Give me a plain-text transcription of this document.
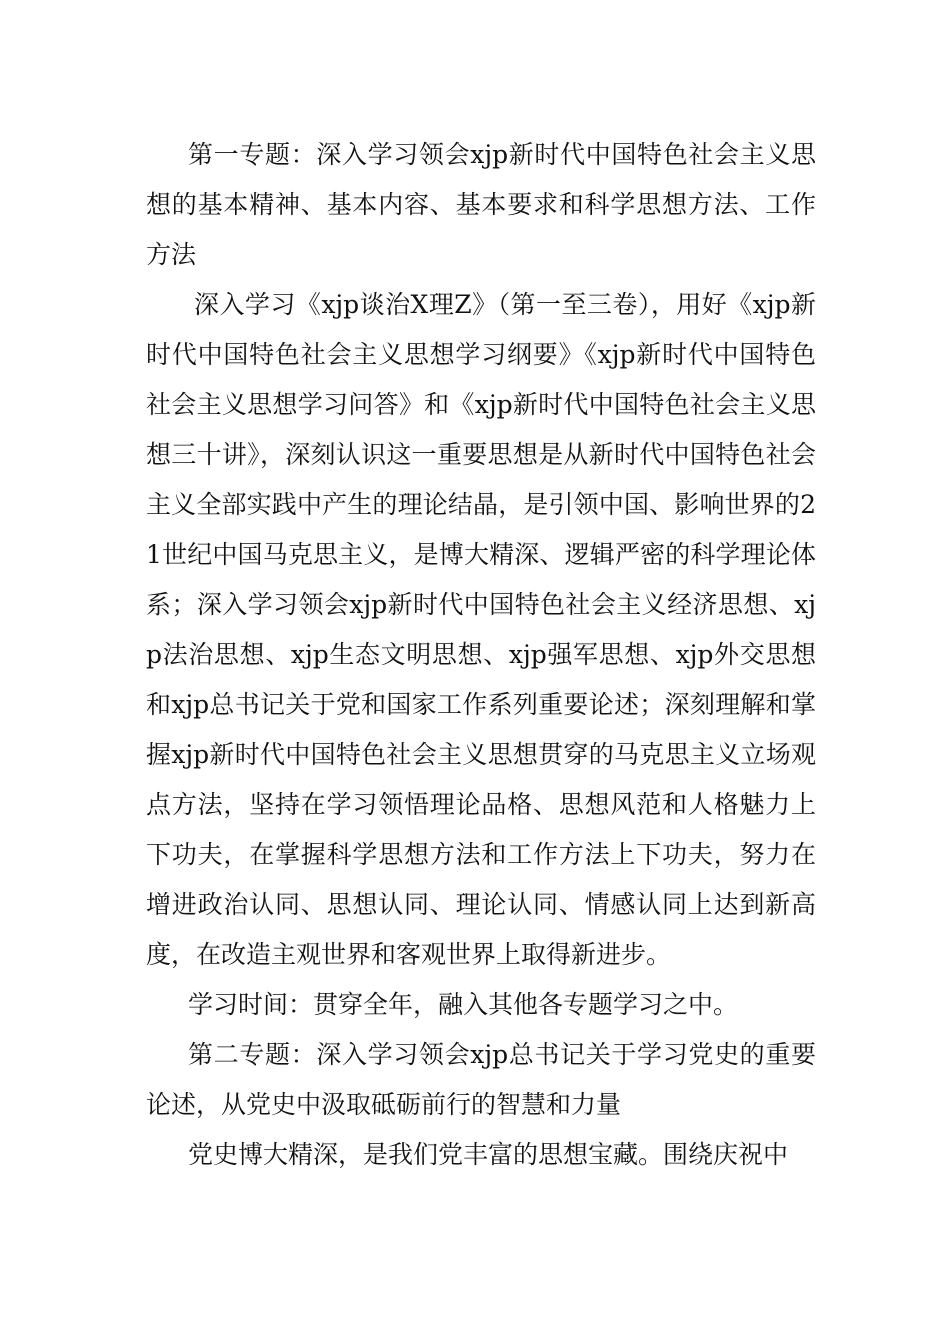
第一专题：深入学习领会xjp新时代中国特色社会主义思想的基本精神、基本内容、基本要求和科学思想方法、工作方法

深入学习《xjp谈治X理Z》（第一至三卷），用好《xjp新时代中国特色社会主义思想学习纲要》《xjp新时代中国特色社会主义思想学习问答》和《xjp新时代中国特色社会主义思想三十讲》，深刻认识这一重要思想是从新时代中国特色社会主义全部实践中产生的理论结晶，是引领中国、影响世界的21世纪中国马克思主义，是博大精深、逻辑严密的科学理论体系；深入学习领会xjp新时代中国特色社会主义经济思想、xjp法治思想、xjp生态文明思想、xjp强军思想、xjp外交思想和xjp总书记关于党和国家工作系列重要论述；深刻理解和掌握xjp新时代中国特色社会主义思想贯穿的马克思主义立场观点方法，坚持在学习领悟理论品格、思想风范和人格魅力上下功夫，在掌握科学思想方法和工作方法上下功夫，努力在增进政治认同、思想认同、理论认同、情感认同上达到新高度，在改造主观世界和客观世界上取得新进步。

学习时间：贯穿全年，融入其他各专题学习之中。

第二专题：深入学习领会xjp总书记关于学习党史的重要论述，从党史中汲取砥砺前行的智慧和力量

党史博大精深，是我们党丰富的思想宝藏。围绕庆祝中
